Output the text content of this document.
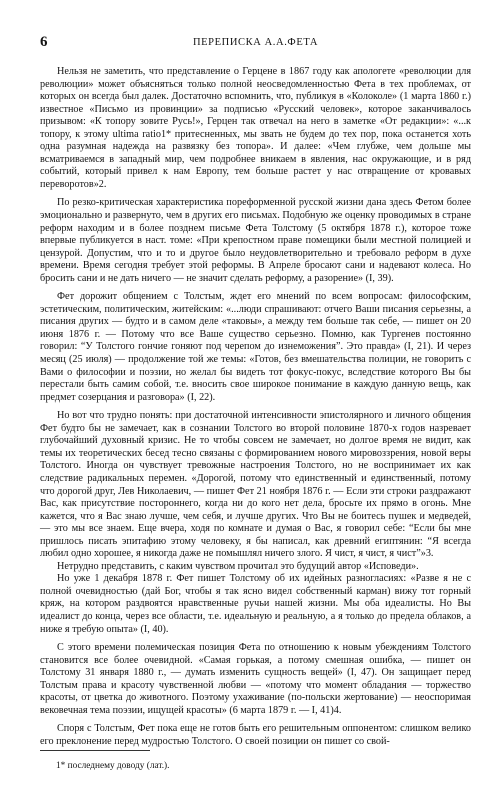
6	ПЕРЕПИСКА А.А.ФЕТА

Нельзя не заметить, что представление о Герцене в 1867 году как апологете «революции для революции» может объясняться только полной неосведомленностью Фета в тех проблемах, от которых он всегда был далек. Достаточно вспомнить, что, публикуя в «Колоколе» (1 марта 1860 г.) известное «Письмо из провинции» за подписью «Русский человек», которое заканчивалось призывом: «К топору зовите Русь!», Герцен так отвечал на него в заметке «От редакции»: «...к топору, к этому ultima ratio1* притесненных, мы звать не будем до тех пор, пока останется хоть одна разумная надежда на развязку без топора». И далее: «Чем глубже, чем дольше мы всматриваемся в западный мир, чем подробнее вникаем в явления, нас окружающие, и в ряд событий, который привел к нам Европу, тем больше растет у нас отвращение от кровавых переворотов»2.

По резко-критическая характеристика пореформенной русской жизни дана здесь Фетом более эмоционально и развернуто, чем в других его письмах. Подобную же оценку проводимых в стране реформ находим и в более позднем письме Фета Толстому (5 октября 1878 г.), которое тоже впервые публикуется в наст. томе: «При крепостном праве помещики были местной полицией и цензурой. Допустим, что и то и другое было неудовлетворительно и требовало реформ в духе времени. Время сегодня требует этой реформы. В Апреле бросают сани и надевают колеса. Но бросить сани и не дать ничего — не значит сделать реформу, а разорение» (I, 39).

Фет дорожит общением с Толстым, ждет его мнений по всем вопросам: философским, эстетическим, политическим, житейским: «...люди спрашивают: отчего Ваши писания серьезны, а писания других — будто и в самом деле «таковы», а между тем больше так себе, — пишет он 20 июня 1876 г. — Потому что все Ваше существо серьезно. Помню, как Тургенев постоянно говорил: “У Толстого гончие гоняют под черепом до изнеможения”. Это правда» (I, 21). И через месяц (25 июля) — продолжение той же темы: «Готов, без вмешательства полиции, не говорить с Вами о философии и поэзии, но желал бы видеть тот фокус-покус, вследствие которого Вы бы перестали быть самим собой, т.е. вносить свое широкое понимание в каждую данную вещь, как предмет созерцания и разговора» (I, 22).

Но вот что трудно понять: при достаточной интенсивности эпистолярного и личного общения Фет будто бы не замечает, как в сознании Толстого во второй половине 1870-х годов назревает глубочайший духовный кризис. Не то чтобы совсем не замечает, но долгое время не видит, как темы их теоретических бесед тесно связаны с формированием нового мировоззрения, новой веры Толстого. Иногда он чувствует тревожные настроения Толстого, но не воспринимает их как следствие радикальных перемен. «Дорогой, потому что единственный и единственный, потому что дорогой друг, Лев Николаевич, — пишет Фет 21 ноября 1876 г. — Если эти строки раздражают Вас, как присутствие постороннего, когда ни до кого нет дела, бросьте их прямо в огонь. Мне кажется, что я Вас знаю лучше, чем себя, и лучше других. Что Вы не боитесь пушек и медведей, — это мы все знаем. Еще вчера, ходя по комнате и думая о Вас, я говорил себе: “Если бы мне пришлось писать эпитафию этому человеку, я бы написал, как древний египтянин: “Я всегда любил одно хорошее, я никогда даже не помышлял ничего злого. Я чист, я чист, я чист”»3.

Нетрудно представить, с каким чувством прочитал это будущий автор «Исповеди».

Но уже 1 декабря 1878 г. Фет пишет Толстому об их идейных разногласиях: «Разве я не с полной очевидностью (дай Бог, чтобы я так ясно видел собственный карман) вижу тот горный кряж, на котором раздвоятся нравственные ручьи нашей жизни. Мы оба идеалисты. Но Вы идеалист до конца, через все области, т.е. идеальную и реальную, а я только до предела облаков, а ниже я требую опыта» (I, 40).

С этого времени полемическая позиция Фета по отношению к новым убеждениям Толстого становится все более очевидной. «Самая горькая, а потому смешная ошибка, — пишет он Толстому 31 января 1880 г., — думать изменить сущность вещей» (I, 47). Он защищает перед Толстым права и красоту чувственной любви — «потому что момент обладания — торжество красоты, от цветка до животного. Поэтому ухаживание (по-польски жертование) — неоспоримая вековечная тема поэзии, ищущей красоты» (6 марта 1879 г. — I, 41)4.

Споря с Толстым, Фет пока еще не готов быть его решительным оппонентом: слишком велико его преклонение перед мудростью Толстого. О своей позиции он пишет со свой-

1* последнему доводу (лат.).
